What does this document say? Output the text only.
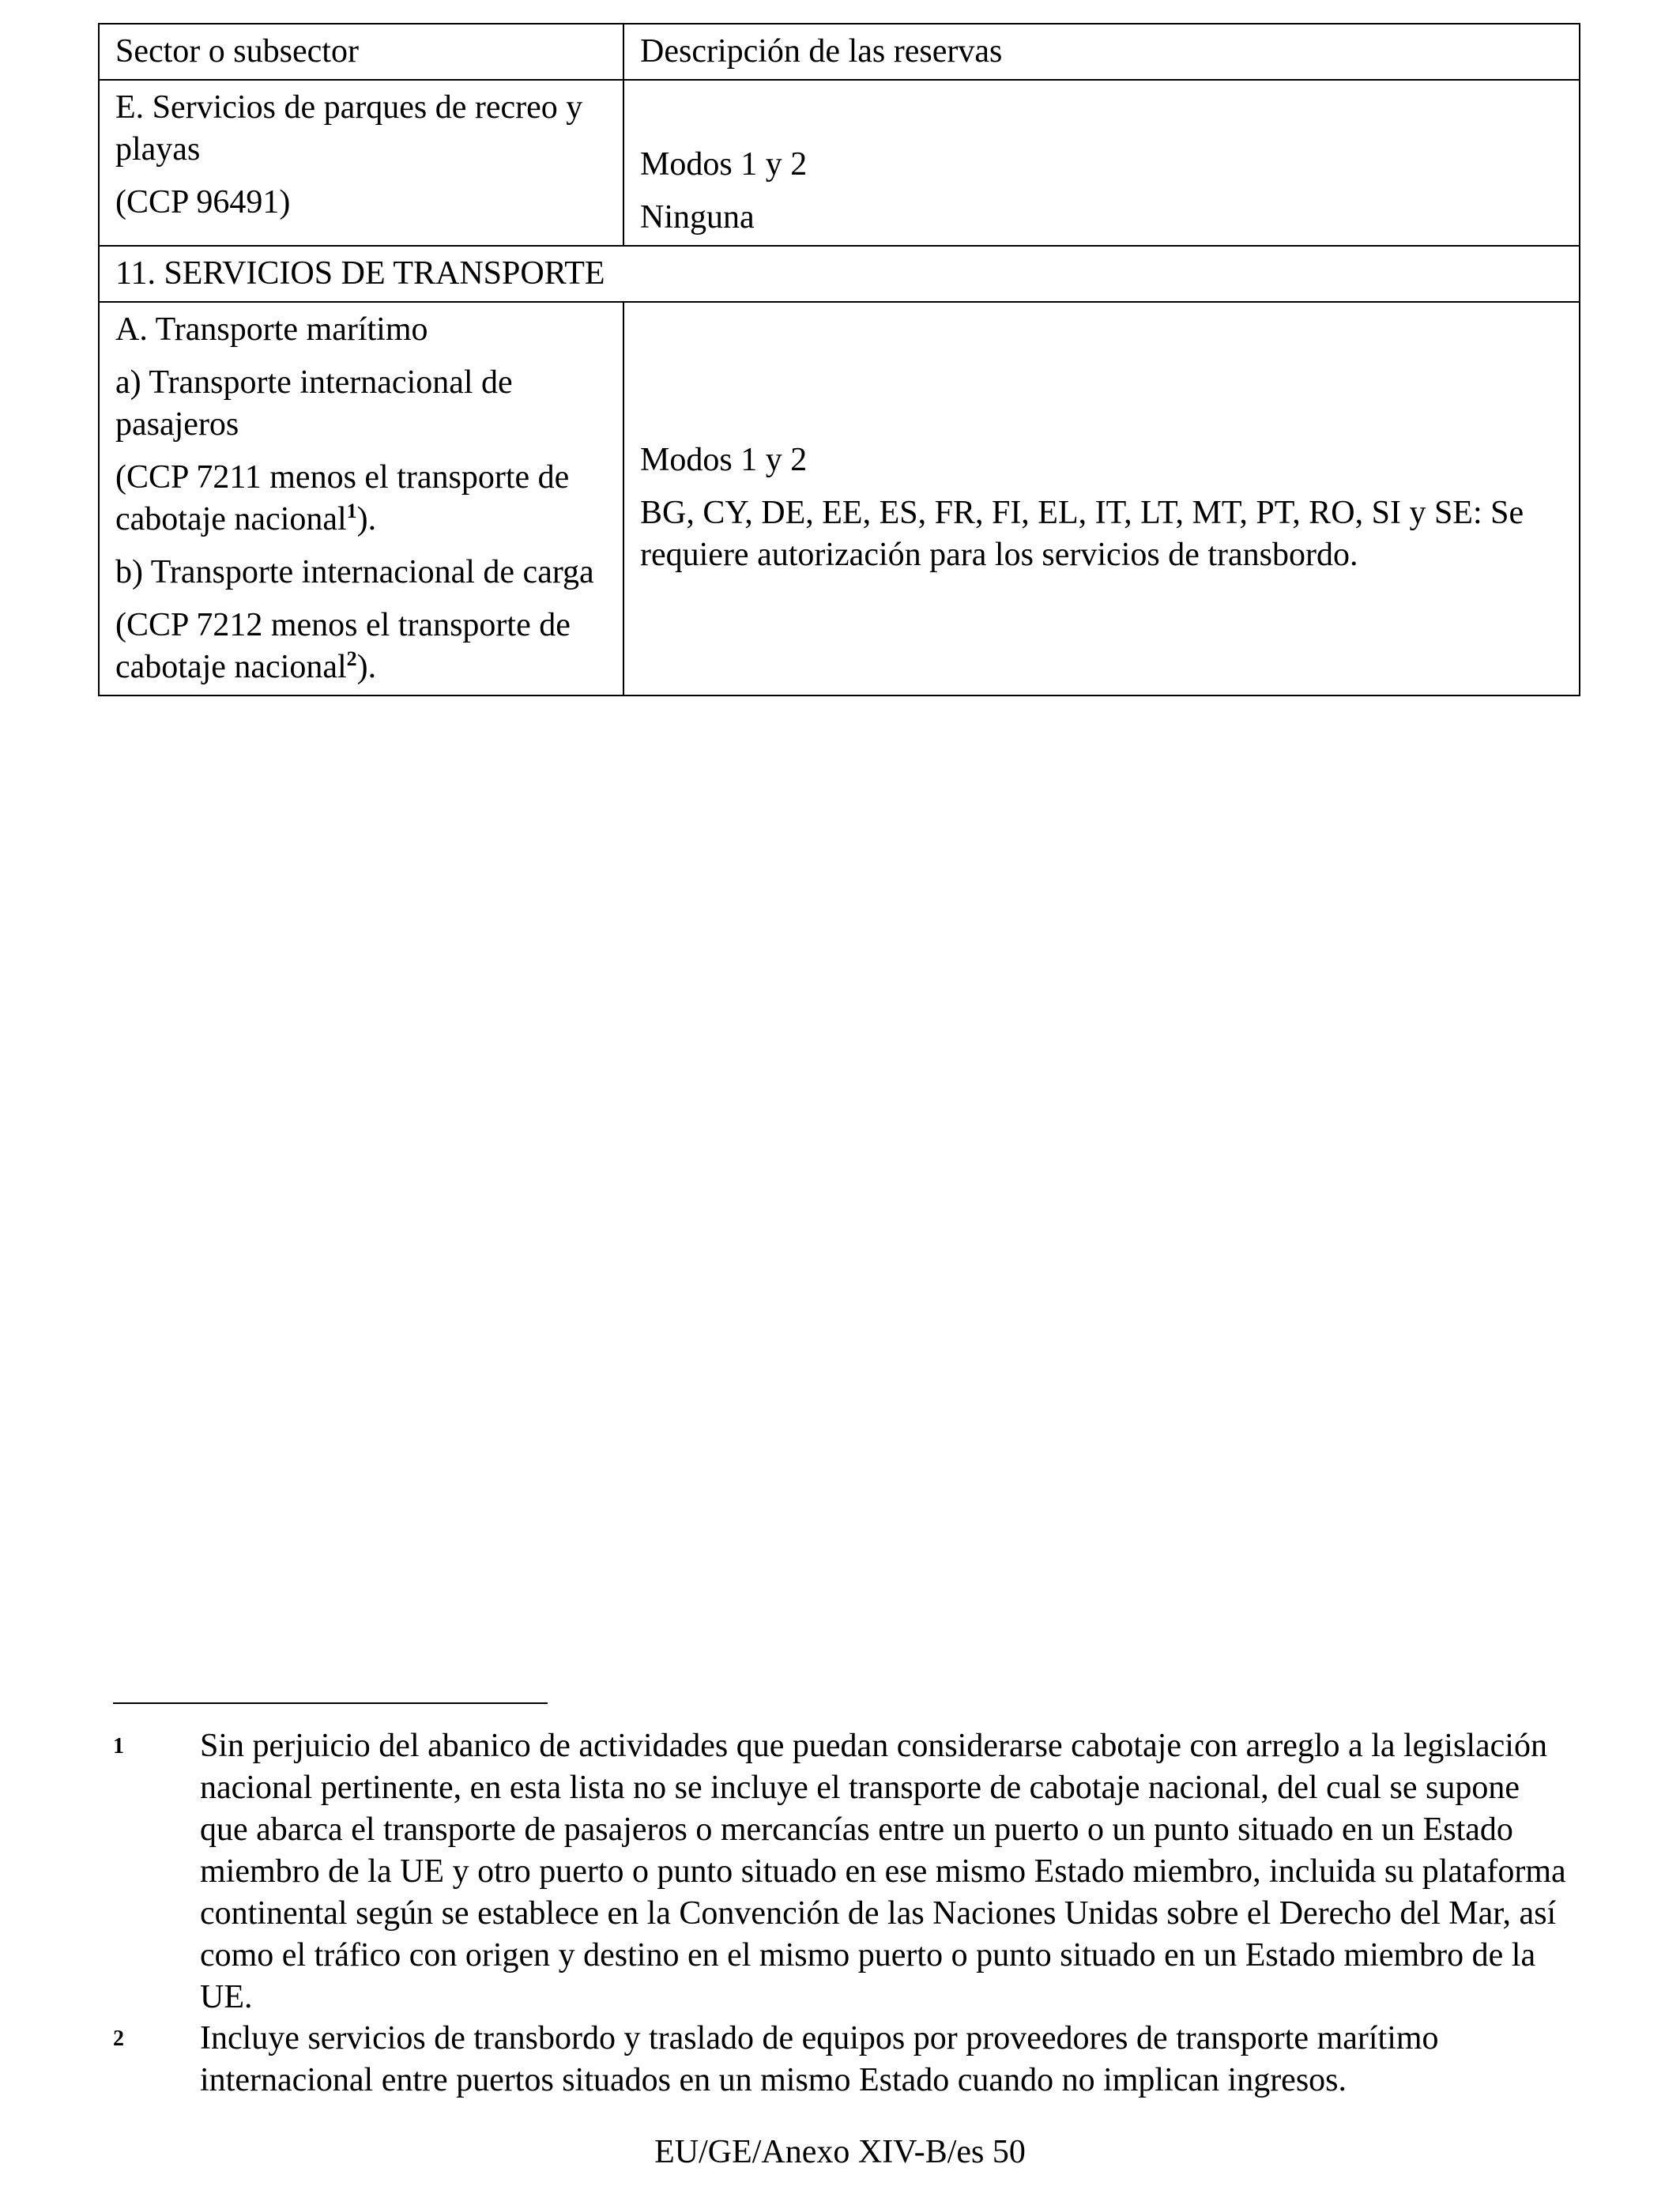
Sector o subsector	Descripción de las reservas

E. Servicios de parques de recreo y playas
(CCP 96491)	Modos 1 y 2
Ninguna

11. SERVICIOS DE TRANSPORTE	

A. Transporte marítimo
a) Transporte internacional de pasajeros
(CCP 7211 menos el transporte de cabotaje nacional$^1$).
b) Transporte internacional de carga
(CCP 7212 menos el transporte de cabotaje nacional$^2$).	Modos 1 y 2
BG, CY, DE, EE, ES, FR, FI, EL, IT, LT, MT, PT, RO, SI y SE: Se requiere autorización para los servicios de transbordo.
1 Sin perjuicio del abanico de actividades que puedan considerarse cabotaje con arreglo a la legislación nacional pertinente, en esta lista no se incluye el transporte de cabotaje nacional, del cual se supone que abarca el transporte de pasajeros o mercancías entre un puerto o un punto situado en un Estado miembro de la UE y otro puerto o punto situado en ese mismo Estado miembro, incluida su plataforma continental según se establece en la Convención de las Naciones Unidas sobre el Derecho del Mar, así como el tráfico con origen y destino en el mismo puerto o punto situado en un Estado miembro de la UE.
2 Incluye servicios de transbordo y traslado de equipos por proveedores de transporte marítimo internacional entre puertos situados en un mismo Estado cuando no implican ingresos.
EU/GE/Anexo XIV-B/es 50
